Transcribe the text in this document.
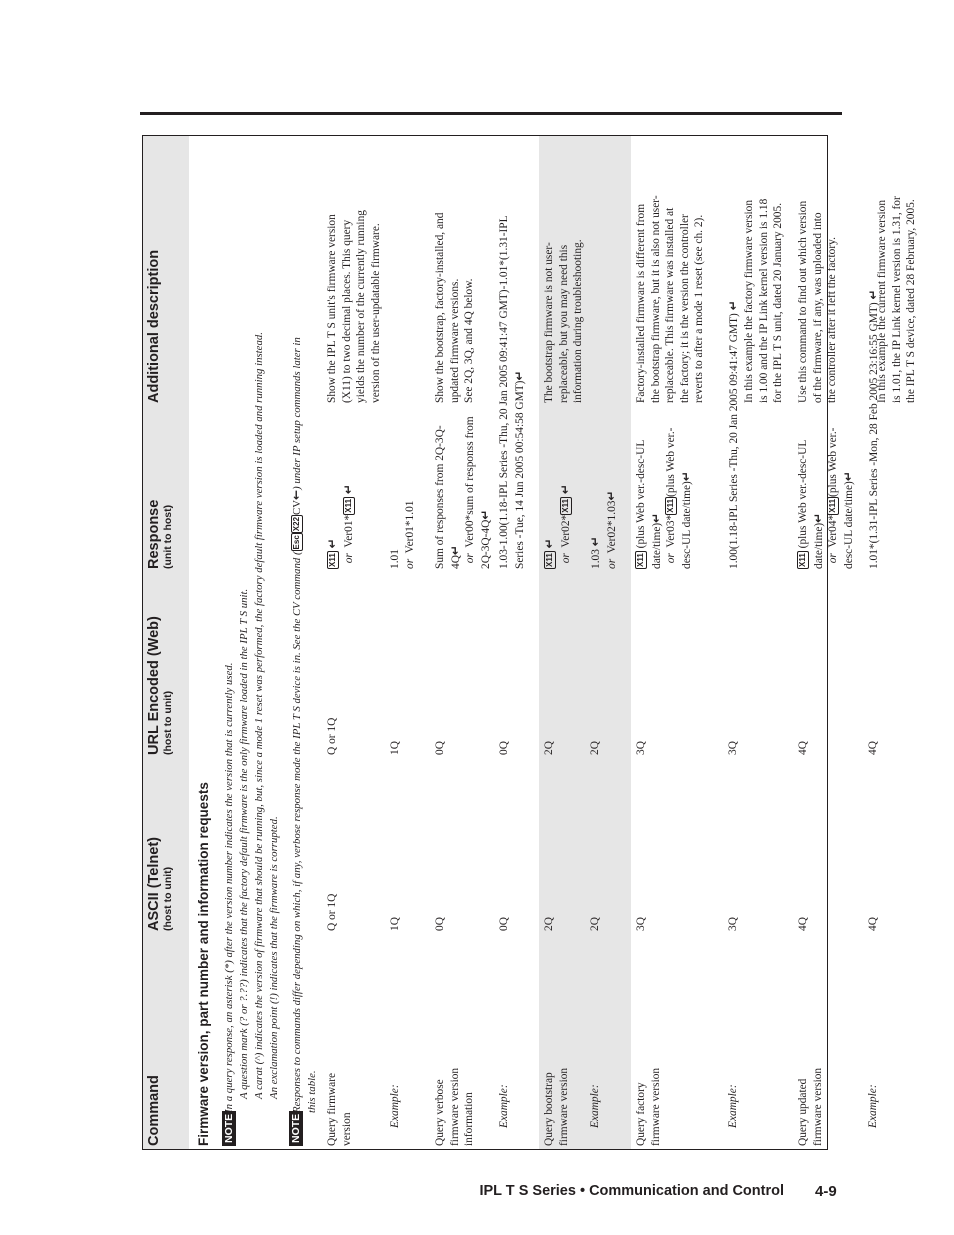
Command
ASCII (Telnet) (host to unit)
URL Encoded (Web) (host to unit)
Response (unit to host)
Additional description
Firmware version, part number and information requests NOTE
In a query response, an asterisk (*) after the version number indicates the version that is currently used. A question mark (? or ?.??) indicates that the factory default firmware is the only firmware loaded in the IPL T S unit. A carat (^) indicates the version of firmware that should be running, but, since a mode 1 reset was performed, the factory default firmware version is loaded and running instead. An exclamation point (!) indicates that the firmware is corrupted.
NOTE
Responses to commands differ depending on which, if any, verbose response mode the IPL T S device is in. See the CV command (EscX22CV←) under IP setup commands later in
this table. Query firmware version
Q or 1Q
Q or 1Q
X11 ↵
or  Ver01*X11 ↵
Show the IPL T S unit's firmware version
(X11) to two decimal places. This query
yields the number of the currently running
version of the user-updatable firmware.
Example:
1Q
1Q
1.01 or  Ver01*1.01
Query verbose firmware version information
0Q
0Q
Sum of responses from 2Q-3Q- 4Q↵
or  Ver00*sum of responss from 2Q-3Q-4Q↵
Show the bootstrap, factory-installed, and
updated firmware versions.
See 2Q, 3Q, and 4Q below.
Example:
0Q
0Q
1.03-1.00(1.18-IPL Series -Thu, 20 Jan 2005 09:41:47 GMT)-1.01*(1.31-IPL Series -Tue, 14 Jun 2005 00:54:58 GMT)↵
Query bootstrap firmware version
2Q
2Q
X11 ↵
or  Ver02*X11 ↵
The bootstrap firmware is not user-
replaceable, but you may need this
information during troubleshooting.
Example:
2Q
2Q
1.03 ↵
or  Ver02*1.03↵
Query factory firmware version
3Q
3Q
X11 (plus Web ver.-desc-UL date/time)↵
or  Ver03*X11(plus Web ver.-
desc-UL date/time)↵
Factory-installed firmware is different from
the bootstrap firmware, but it is also not user-
replaceable. This firmware was installed at
the factory; it is the version the controller
reverts to after a mode 1 reset (see ch. 2).
Example:
3Q
3Q
1.00(1.18-IPL Series -Thu, 20 Jan 2005 09:41:47 GMT) ↵
In this example the factory firmware version
is 1.00 and the IP Link kernel version is 1.18
for the IPL T S unit, dated 20 January 2005.
Query updated firmware version
4Q
4Q
X11 (plus Web ver.-desc-UL date/time)↵
or  Ver04*X11(plus Web ver.-
desc-UL date/time)↵
Use this command to find out which version
of the firmware, if any, was uploaded into
the controller after it left the factory.
Example:
4Q
4Q
1.01*(1.31-IPL Series -Mon, 28 Feb 2005 23:16:55 GMT) ↵
In this example the current firmware version
is 1.01, the IP Link kernel version is 1.31, for
the IPL T S device, dated 28 February, 2005.
IPL T S Series • Communication and Control 4-9
